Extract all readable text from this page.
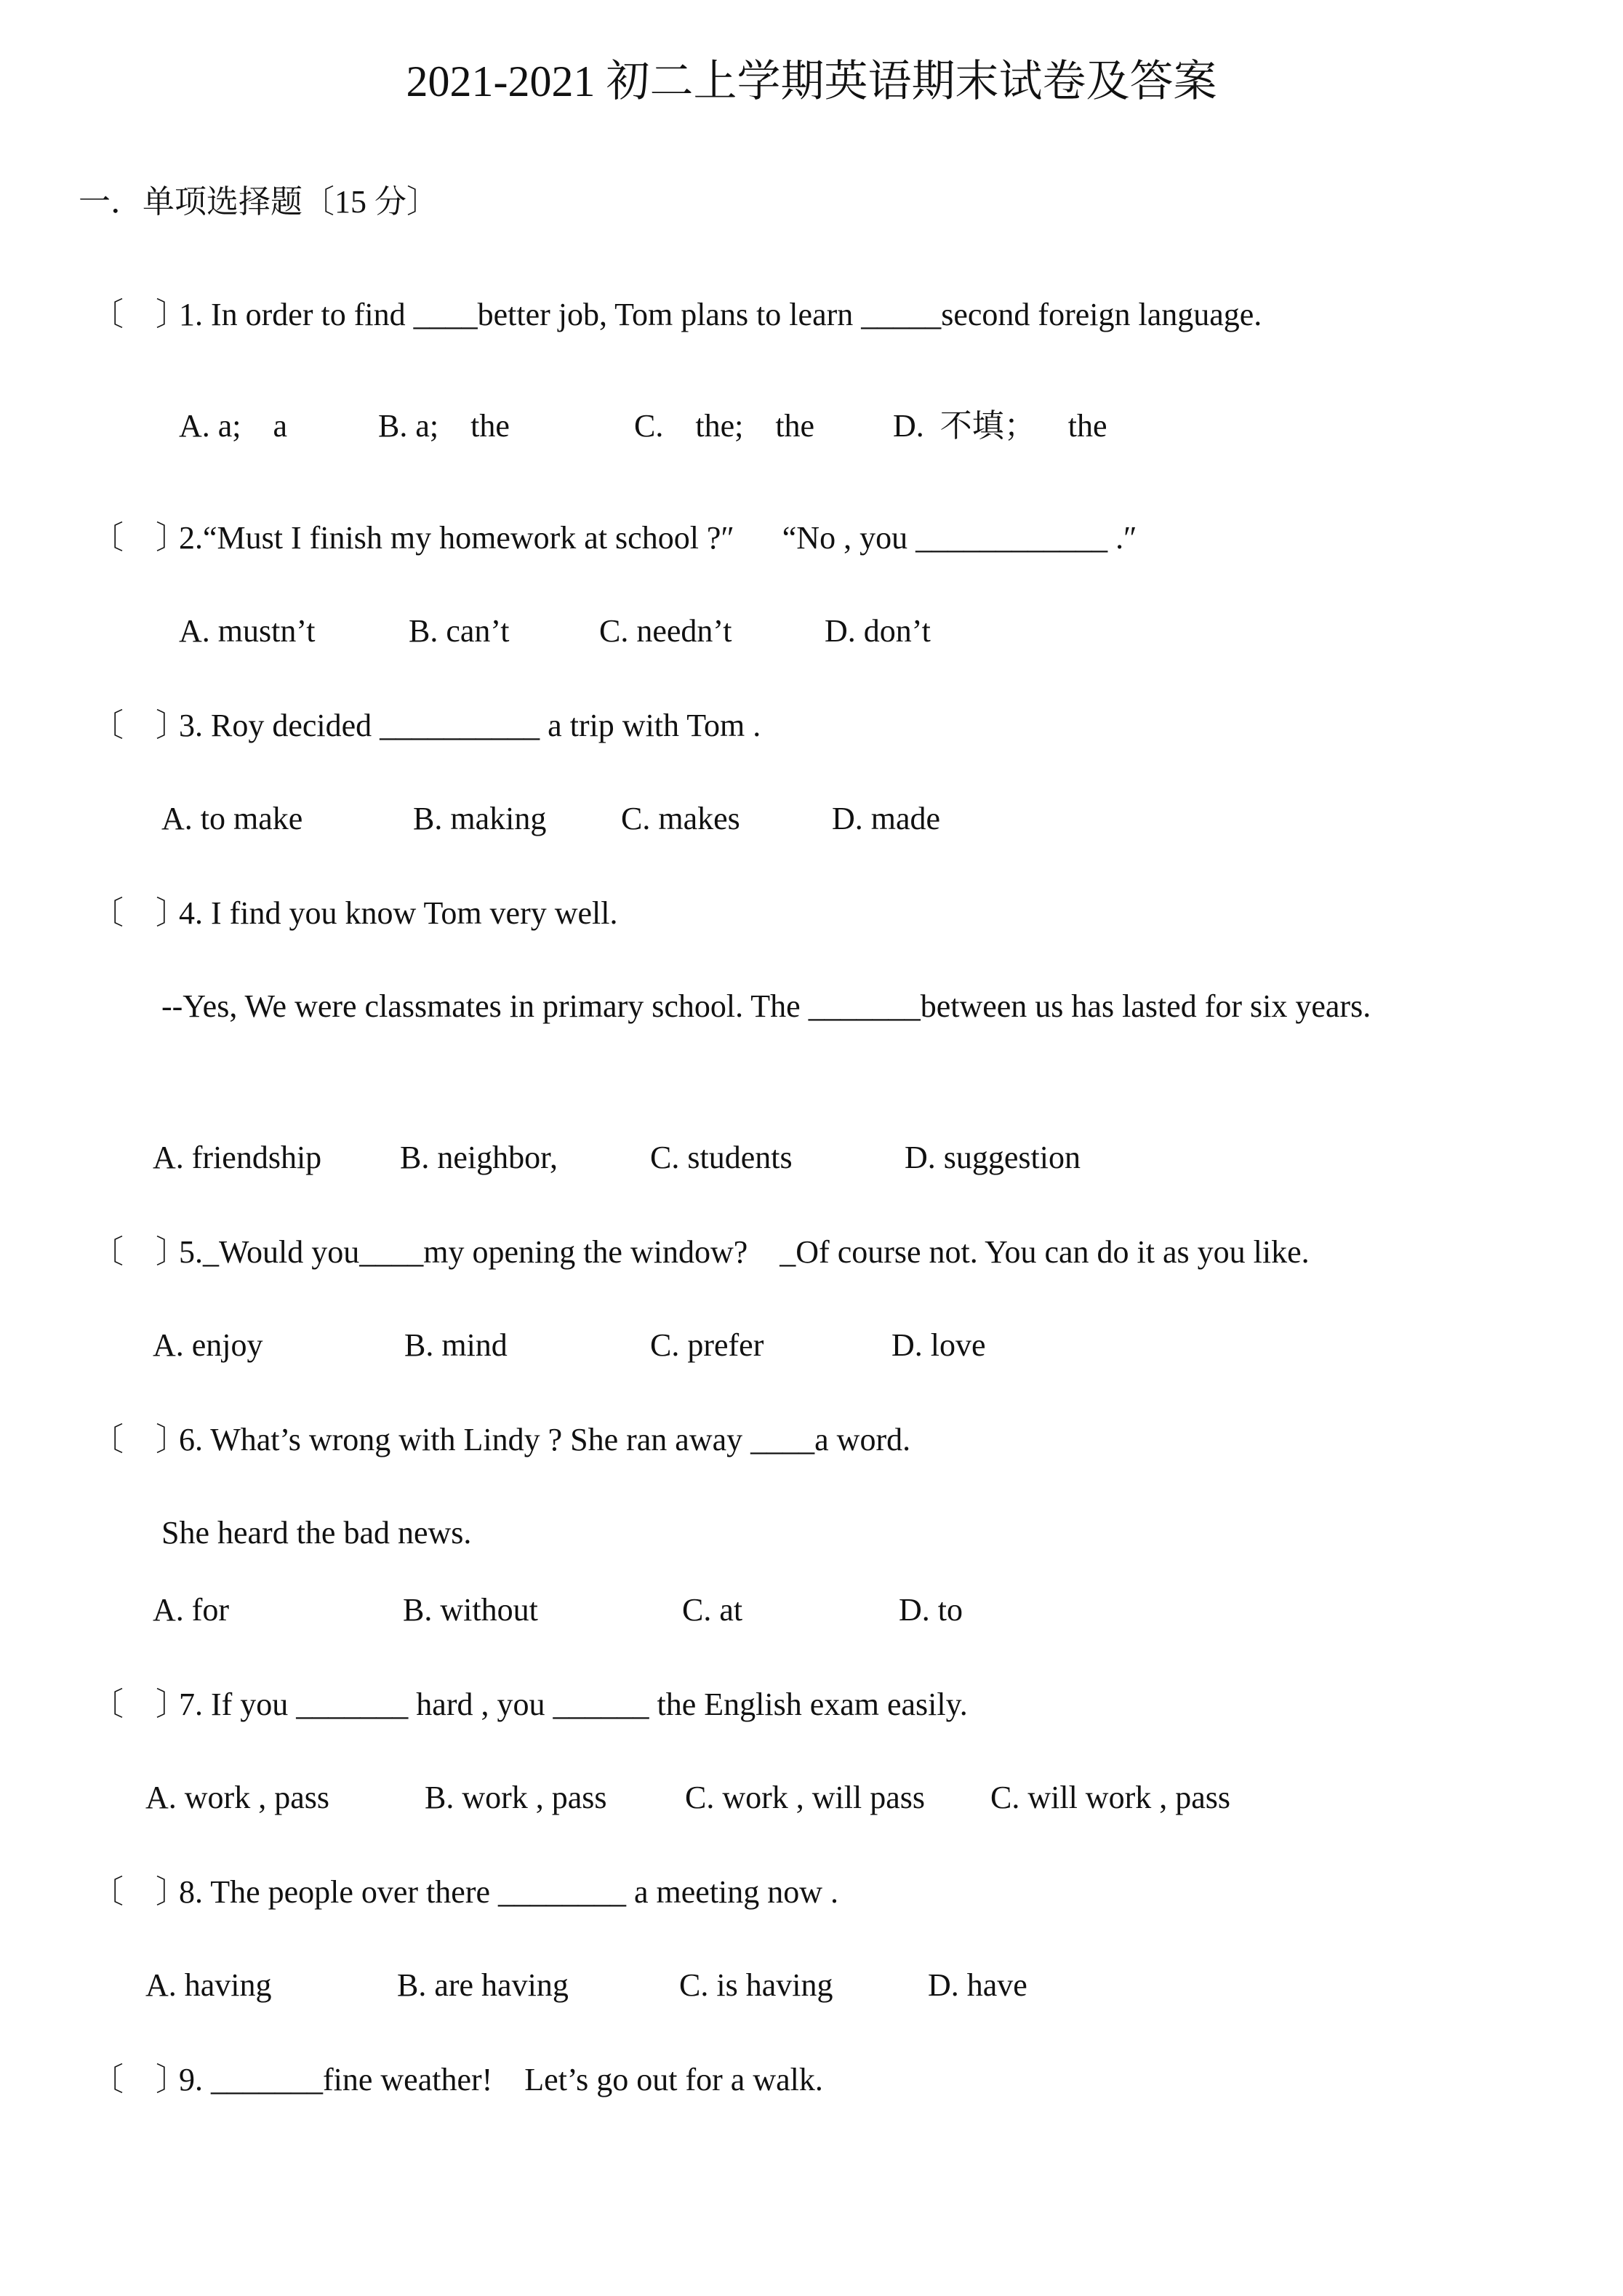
2021-2021 初二上学期英语期末试卷及答案
一．单项选择题〔15 分〕
〔    〕
1. In order to find ____better job, Tom plans to learn _____second foreign language.
A. a;    a	B. a;    the	C.    the;    the D.  不填；    the
〔    〕
2.“Must I finish my homework at school ?″      “No , you ____________ .″
A. mustn’t	B. can’t	C. needn’t	D. don’t
〔    〕
3. Roy decided __________ a trip with Tom .
A. to make	B. making C. makes	D. made
〔    〕
4. I find you know Tom very well.
--Yes, We were classmates in primary school. The _______between us has lasted for six years.
A. friendship B. neighbor,	C. students	D. suggestion
〔    〕
5._Would you____my opening the window?    _Of course not. You can do it as you like.
A. enjoy	B. mind	C. prefer	D. love
〔    〕
6. What’s wrong with Lindy ? She ran away ____a word.
She heard the bad news.
A. for	B. without	C. at	D. to
〔    〕
7. If you _______ hard , you ______ the English exam easily.
A. work , pass	B. work , pass C. work , will pass C. will work , pass
〔    〕
8. The people over there ________ a meeting now .
A. having	B. are having	C. is having	D. have
〔    〕
9. _______fine weather!    Let’s go out for a walk.
